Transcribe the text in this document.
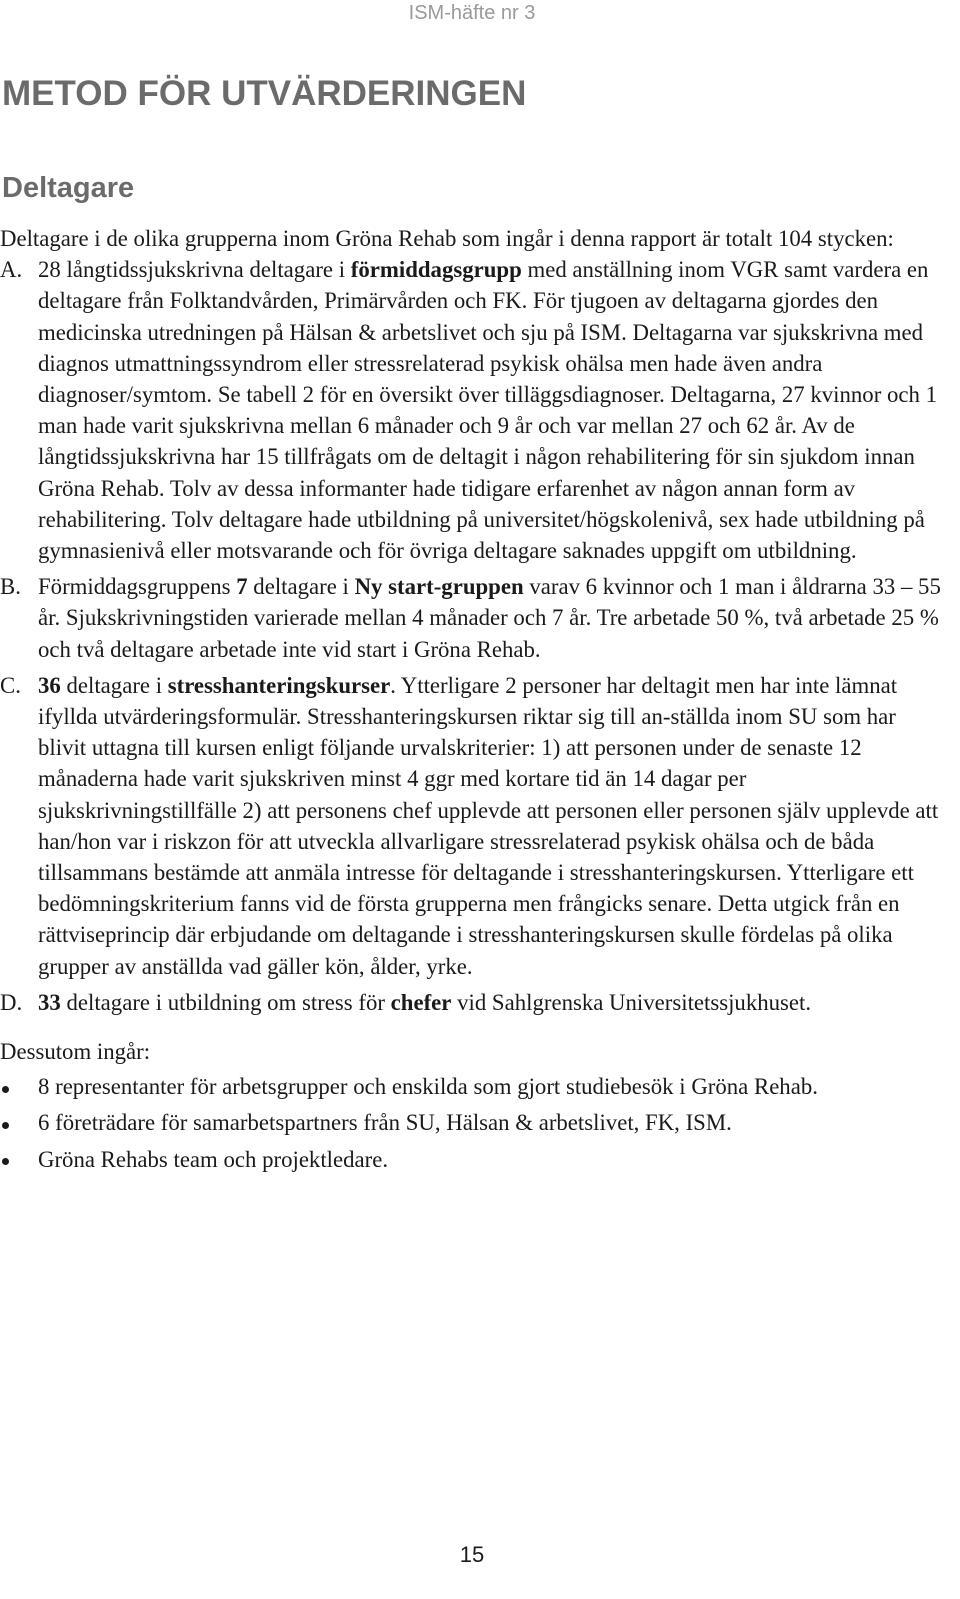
ISM-häfte nr 3
METOD FÖR UTVÄRDERINGEN
Deltagare

Deltagare i de olika grupperna inom Gröna Rehab som ingår i denna rapport är totalt 104 stycken:

A. 28 långtidssjukskrivna deltagare i förmiddagsgrupp med anställning inom VGR samt vardera en deltagare från Folktandvården, Primärvården och FK. För tjugoen av deltagarna gjordes den medicinska utredningen på Hälsan & arbetslivet och sju på ISM. Deltagarna var sjukskrivna med diagnos utmattningssyndrom eller stressrelaterad psykisk ohälsa men hade även andra diagnoser/symtom. Se tabell 2 för en översikt över tilläggsdiagnoser. Deltagarna, 27 kvinnor och 1 man hade varit sjukskrivna mellan 6 månader och 9 år och var mellan 27 och 62 år. Av de långtidssjukskrivna har 15 tillfrågats om de deltagit i någon rehabilitering för sin sjukdom innan Gröna Rehab. Tolv av dessa informanter hade tidigare erfarenhet av någon annan form av rehabilitering. Tolv deltagare hade utbildning på universitet/högskolenivå, sex hade utbildning på gymnasienivå eller motsvarande och för övriga deltagare saknades uppgift om utbildning.
B. Förmiddagsgruppens 7 deltagare i Ny start-gruppen varav 6 kvinnor och 1 man i åldrarna 33 – 55 år. Sjukskrivningstiden varierade mellan 4 månader och 7 år. Tre arbetade 50 %, två arbetade 25 % och två deltagare arbetade inte vid start i Gröna Rehab.
C. 36 deltagare i stresshanteringskurser. Ytterligare 2 personer har deltagit men har inte lämnat ifyllda utvärderingsformulär. Stresshanteringskursen riktar sig till an-ställda inom SU som har blivit uttagna till kursen enligt följande urvalskriterier: 1) att personen under de senaste 12 månaderna hade varit sjukskriven minst 4 ggr med kortare tid än 14 dagar per sjukskrivningstillfälle 2) att personens chef upplevde att personen eller personen själv upplevde att han/hon var i riskzon för att utveckla allvarligare stressrelaterad psykisk ohälsa och de båda tillsammans bestämde att anmäla intresse för deltagande i stresshanteringskursen. Ytterligare ett bedömningskriterium fanns vid de första grupperna men frångicks senare. Detta utgick från en rättviseprincip där erbjudande om deltagande i stresshanteringskursen skulle fördelas på olika grupper av anställda vad gäller kön, ålder, yrke.
D. 33 deltagare i utbildning om stress för chefer vid Sahlgrenska Universitetssjukhuset.

Dessutom ingår:

8 representanter för arbetsgrupper och enskilda som gjort studiebesök i Gröna Rehab.
6 företrädare för samarbetspartners från SU, Hälsan & arbetslivet, FK, ISM.
Gröna Rehabs team och projektledare.
15
